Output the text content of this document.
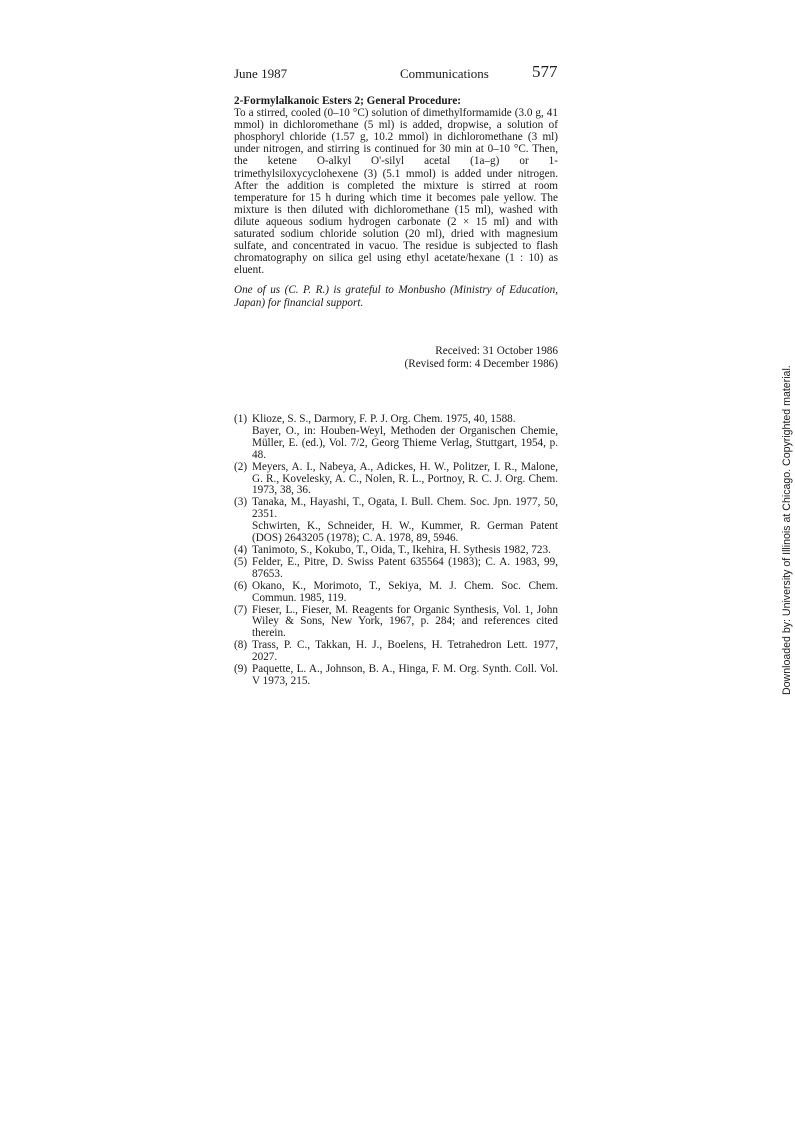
June 1987	Communications	577

2-Formylalkanoic Esters 2; General Procedure:

To a stirred, cooled (0–10 °C) solution of dimethylformamide (3.0 g, 41 mmol) in dichloromethane (5 ml) is added, dropwise, a solution of phosphoryl chloride (1.57 g, 10.2 mmol) in dichloromethane (3 ml) under nitrogen, and stirring is continued for 30 min at 0–10 °C. Then, the ketene O-alkyl O'-silyl acetal (1a–g) or 1-trimethylsiloxycyclohexene (3) (5.1 mmol) is added under nitrogen. After the addition is completed the mixture is stirred at room temperature for 15 h during which time it becomes pale yellow. The mixture is then diluted with dichloromethane (15 ml), washed with dilute aqueous sodium hydrogen carbonate (2 × 15 ml) and with saturated sodium chloride solution (20 ml), dried with magnesium sulfate, and concentrated in vacuo. The residue is subjected to flash chromatography on silica gel using ethyl acetate/hexane (1 : 10) as eluent.

One of us (C. P. R.) is grateful to Monbusho (Ministry of Education, Japan) for financial support.

Received: 31 October 1986
(Revised form: 4 December 1986)
(1) Klioze, S. S., Darmory, F. P. J. Org. Chem. 1975, 40, 1588.
Bayer, O., in: Houben-Weyl, Methoden der Organischen Chemie, Müller, E. (ed.), Vol. 7/2, Georg Thieme Verlag, Stuttgart, 1954, p. 48.
(2) Meyers, A. I., Nabeya, A., Adickes, H. W., Politzer, I. R., Malone, G. R., Kovelesky, A. C., Nolen, R. L., Portnoy, R. C. J. Org. Chem. 1973, 38, 36.
(3) Tanaka, M., Hayashi, T., Ogata, I. Bull. Chem. Soc. Jpn. 1977, 50, 2351.
Schwirten, K., Schneider, H. W., Kummer, R. German Patent (DOS) 2643205 (1978); C. A. 1978, 89, 5946.
(4) Tanimoto, S., Kokubo, T., Oida, T., Ikehira, H. Sythesis 1982, 723.
(5) Felder, E., Pitre, D. Swiss Patent 635564 (1983); C. A. 1983, 99, 87653.
(6) Okano, K., Morimoto, T., Sekiya, M. J. Chem. Soc. Chem. Commun. 1985, 119.
(7) Fieser, L., Fieser, M. Reagents for Organic Synthesis, Vol. 1, John Wiley & Sons, New York, 1967, p. 284; and references cited therein.
(8) Trass, P. C., Takkan, H. J., Boelens, H. Tetrahedron Lett. 1977, 2027.
(9) Paquette, L. A., Johnson, B. A., Hinga, F. M. Org. Synth. Coll. Vol. V 1973, 215.	Downloaded by: University of Illinois at Chicago. Copyrighted material.
